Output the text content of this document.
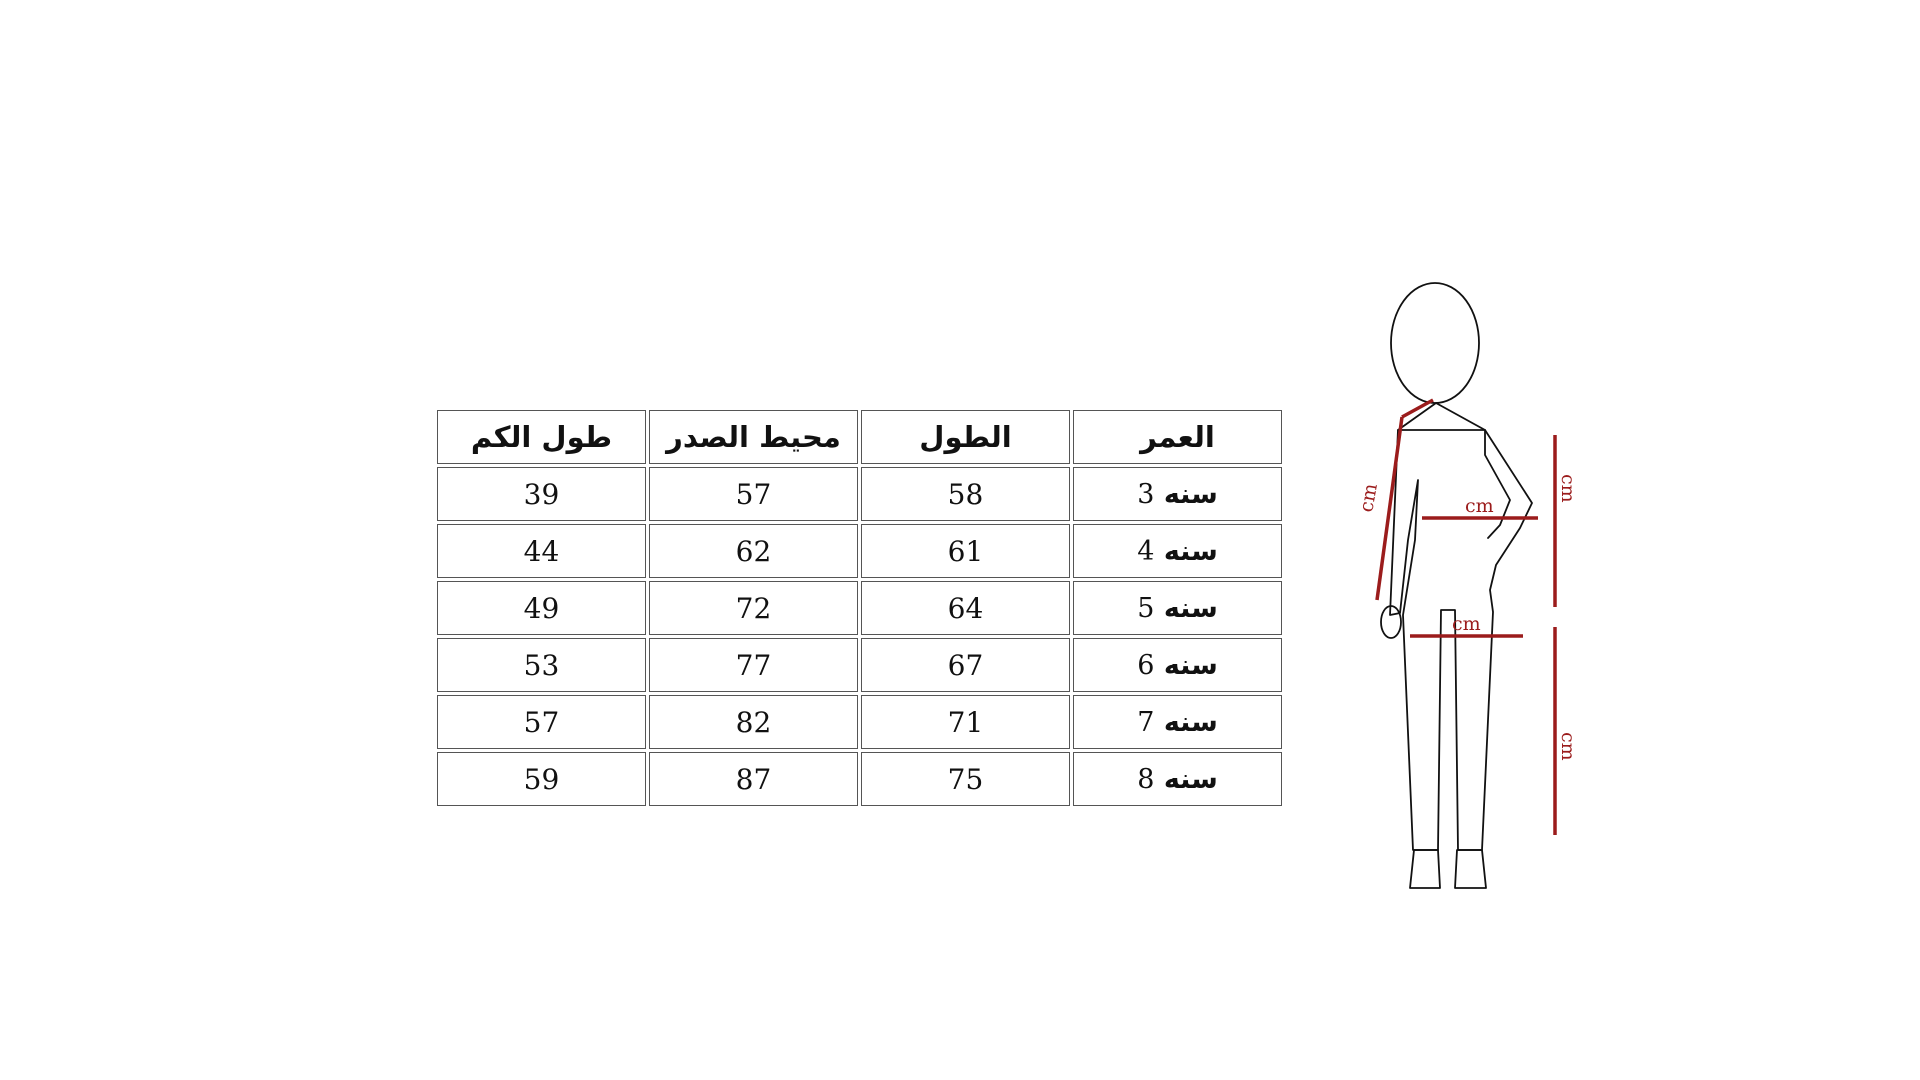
طول الكم	محيط الصدر	الطول	العمر
39	57	58	سنه 3
44	62	61	سنه 4
49	72	64	سنه 5
53	77	67	سنه 6
57	82	71	سنه 7
59	87	75	سنه 8
cm	cm
cm
cm
cm
